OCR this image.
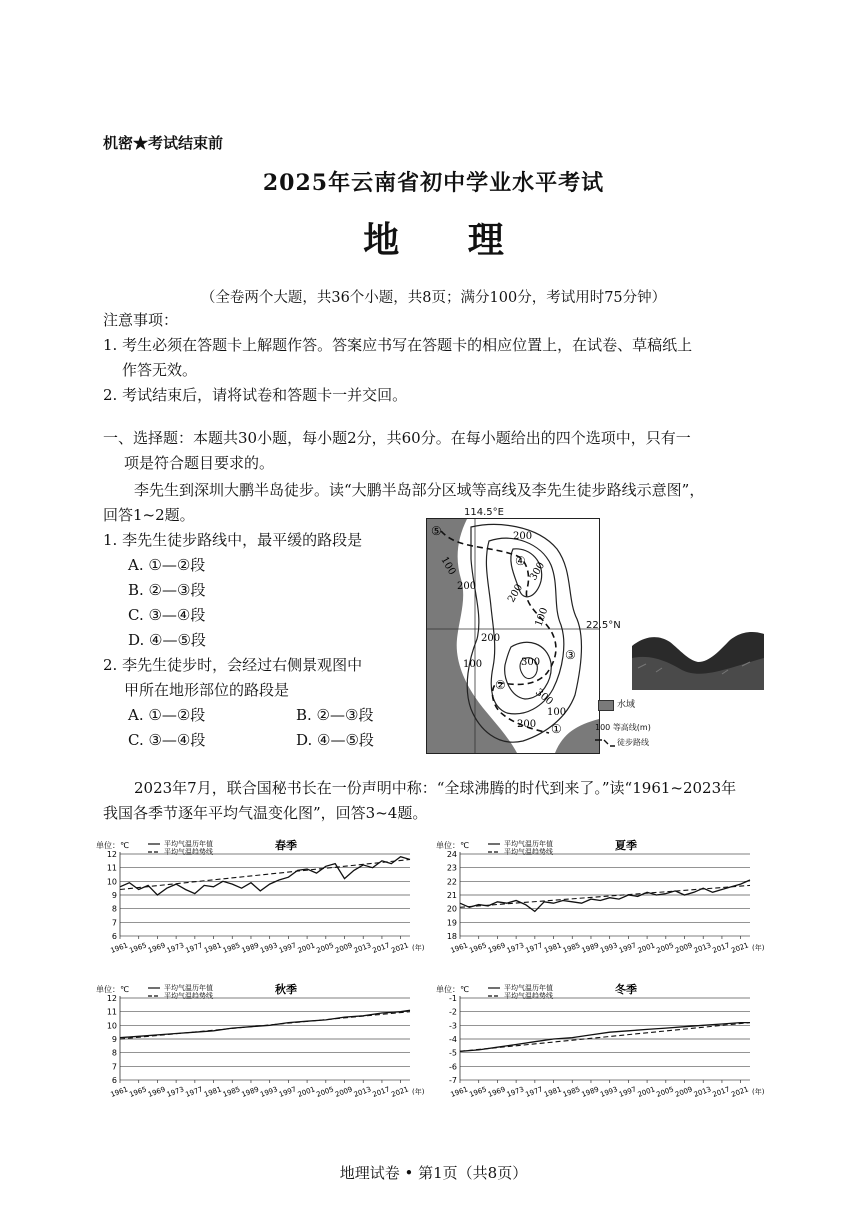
机密★考试结束前
2025年云南省初中学业水平考试
地 理
（全卷两个大题，共36个小题，共8页；满分100分，考试用时75分钟）
注意事项：
1. 考生必须在答题卡上解题作答。答案应书写在答题卡的相应位置上，在试卷、草稿纸上
作答无效。
2. 考试结束后，请将试卷和答题卡一并交回。
一、选择题：本题共30小题，每小题2分，共60分。在每小题给出的四个选项中，只有一
项是符合题目要求的。
李先生到深圳大鹏半岛徒步。读“大鹏半岛部分区域等高线及李先生徒步路线示意图”，
回答1~2题。
1. 李先生徒步路线中，最平缓的路段是
A. ①—②段
B. ②—③段
C. ③—④段
D. ④—⑤段
2. 李先生徒步时，会经过右侧景观图中
甲所在地形部位的路段是
A. ①—②段	B. ②—③段
C. ③—④段	D. ④—⑤段
100
200
200
200
300
100
200
300
100
300
100
200
⑤
④
③
②
①
114.5°E
22.5°N
水域
100 等高线(m)
徒步路线
甲
2023年7月，联合国秘书长在一份声明中称：“全球沸腾的时代到来了。”读“1961~2023年
我国各季节逐年平均气温变化图”，回答3~4题。
单位：℃	春季
平均气温历年值
平均气温趋势线
12
11
10
9
8
7
6
1961 1965 1969 1973 1977 1981 1985 1989 1993 1997 2001 2005 2009 2013 2017 2021 (年)
单位：℃	夏季
平均气温历年值
平均气温趋势线
24
23
22
21
20
19
18
1961 1965 1969 1973 1977 1981 1985 1989 1993 1997 2001 2005 2009 2013 2017 2021 (年)
单位：℃	秋季
平均气温历年值
平均气温趋势线
12
11
10
9
8
7
6
1961 1965 1969 1973 1977 1981 1985 1989 1993 1997 2001 2005 2009 2013 2017 2021 (年)
单位：℃	冬季
平均气温历年值
平均气温趋势线
-1
-2
-3
-4
-5
-6
-7
1961 1965 1969 1973 1977 1981 1985 1989 1993 1997 2001 2005 2009 2013 2017 2021 (年)
地理试卷 • 第1页（共8页）
